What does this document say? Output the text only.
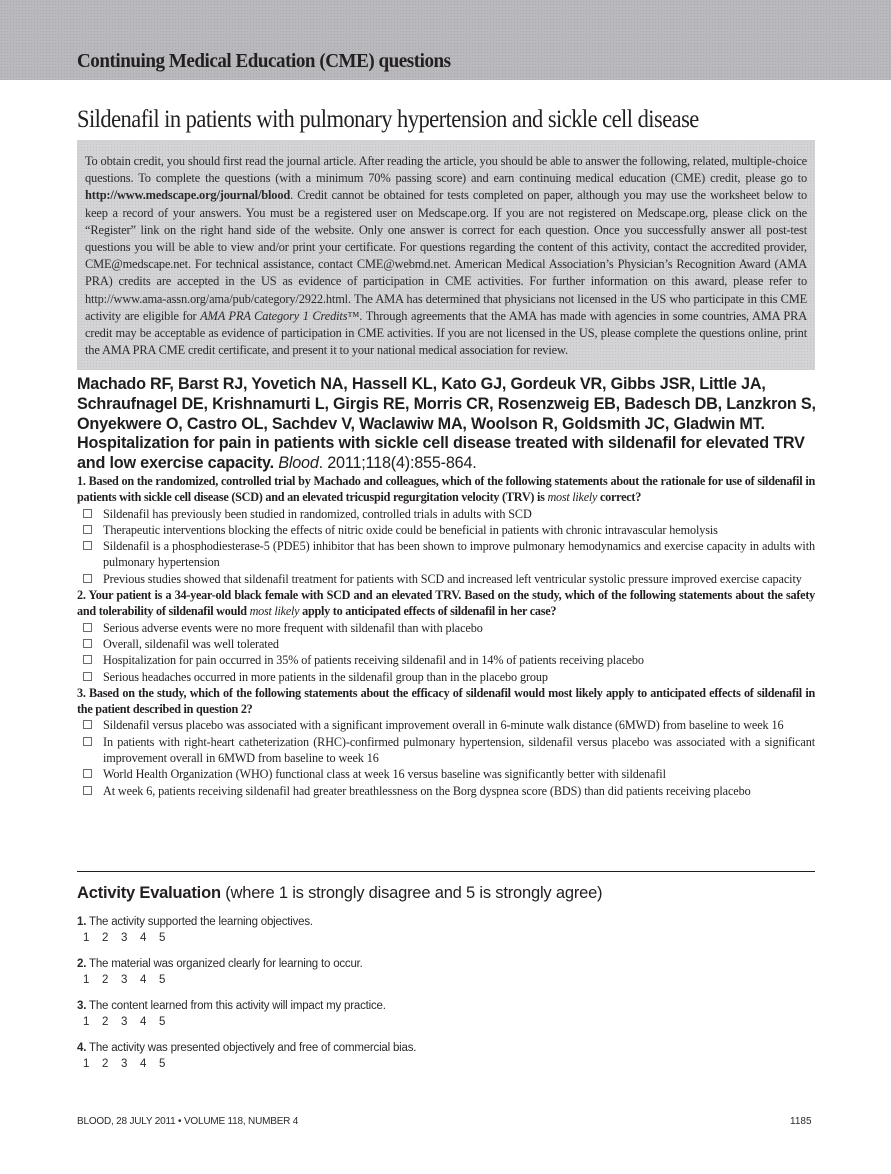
Continuing Medical Education (CME) questions
Sildenafil in patients with pulmonary hypertension and sickle cell disease

To obtain credit, you should first read the journal article. After reading the article, you should be able to answer the following, related, multiple-choice questions. To complete the questions (with a minimum 70% passing score) and earn continuing medical education (CME) credit, please go to http://www.medscape.org/journal/blood. Credit cannot be obtained for tests completed on paper, although you may use the worksheet below to keep a record of your answers. You must be a registered user on Medscape.org. If you are not registered on Medscape.org, please click on the “Register” link on the right hand side of the website. Only one answer is correct for each question. Once you successfully answer all post-test questions you will be able to view and/or print your certificate. For questions regarding the content of this activity, contact the accredited provider, CME@medscape.net. For technical assistance, contact CME@webmd.net. American Medical Association’s Physician’s Recognition Award (AMA PRA) credits are accepted in the US as evidence of participation in CME activities. For further information on this award, please refer to http://www.ama-assn.org/ama/pub/category/2922.html. The AMA has determined that physicians not licensed in the US who participate in this CME activity are eligible for AMA PRA Category 1 Credits™. Through agreements that the AMA has made with agencies in some countries, AMA PRA credit may be acceptable as evidence of participation in CME activities. If you are not licensed in the US, please complete the questions online, print the AMA PRA CME credit certificate, and present it to your national medical association for review.

Machado RF, Barst RJ, Yovetich NA, Hassell KL, Kato GJ, Gordeuk VR, Gibbs JSR, Little JA, Schraufnagel DE, Krishnamurti L, Girgis RE, Morris CR, Rosenzweig EB, Badesch DB, Lanzkron S, Onyekwere O, Castro OL, Sachdev V, Waclawiw MA, Woolson R, Goldsmith JC, Gladwin MT. Hospitalization for pain in patients with sickle cell disease treated with sildenafil for elevated TRV and low exercise capacity. Blood. 2011;118(4):855-864.

1. Based on the randomized, controlled trial by Machado and colleagues, which of the following statements about the rationale for use of sildenafil in patients with sickle cell disease (SCD) and an elevated tricuspid regurgitation velocity (TRV) is most likely correct?

Sildenafil has previously been studied in randomized, controlled trials in adults with SCD
Therapeutic interventions blocking the effects of nitric oxide could be beneficial in patients with chronic intravascular hemolysis
Sildenafil is a phosphodiesterase-5 (PDE5) inhibitor that has been shown to improve pulmonary hemodynamics and exercise capacity in adults with pulmonary hypertension
Previous studies showed that sildenafil treatment for patients with SCD and increased left ventricular systolic pressure improved exercise capacity

2. Your patient is a 34-year-old black female with SCD and an elevated TRV. Based on the study, which of the following statements about the safety and tolerability of sildenafil would most likely apply to anticipated effects of sildenafil in her case?

Serious adverse events were no more frequent with sildenafil than with placebo
Overall, sildenafil was well tolerated
Hospitalization for pain occurred in 35% of patients receiving sildenafil and in 14% of patients receiving placebo
Serious headaches occurred in more patients in the sildenafil group than in the placebo group

3. Based on the study, which of the following statements about the efficacy of sildenafil would most likely apply to anticipated effects of sildenafil in the patient described in question 2?

Sildenafil versus placebo was associated with a significant improvement overall in 6-minute walk distance (6MWD) from baseline to week 16
In patients with right-heart catheterization (RHC)-confirmed pulmonary hypertension, sildenafil versus placebo was associated with a significant improvement overall in 6MWD from baseline to week 16
World Health Organization (WHO) functional class at week 16 versus baseline was significantly better with sildenafil
At week 6, patients receiving sildenafil had greater breathlessness on the Borg dyspnea score (BDS) than did patients receiving placebo
Activity Evaluation (where 1 is strongly disagree and 5 is strongly agree)

1. The activity supported the learning objectives.

1	2	3	4	5

2. The material was organized clearly for learning to occur.

1	2	3	4	5

3. The content learned from this activity will impact my practice.

1	2	3	4	5

4. The activity was presented objectively and free of commercial bias.

1	2	3	4	5

BLOOD, 28 JULY 2011 • VOLUME 118, NUMBER 4	1185
